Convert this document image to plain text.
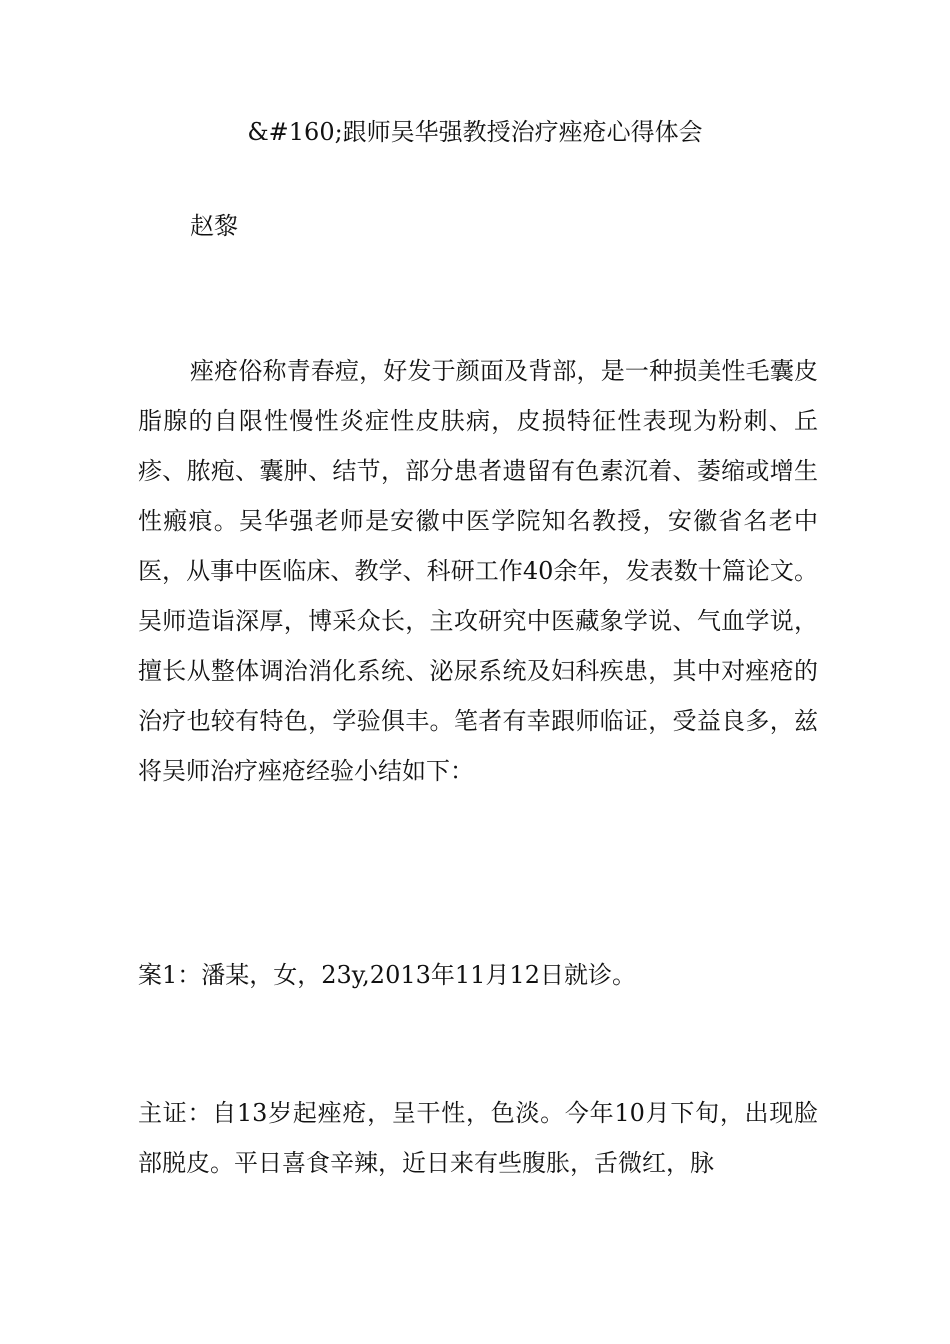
&#160;跟师吴华强教授治疗痤疮心得体会
赵黎

痤疮俗称青春痘，好发于颜面及背部，是一种损美性毛囊皮脂腺的自限性慢性炎症性皮肤病，皮损特征性表现为粉刺、丘疹、脓疱、囊肿、结节，部分患者遗留有色素沉着、萎缩或增生性瘢痕。吴华强老师是安徽中医学院知名教授，安徽省名老中医，从事中医临床、教学、科研工作40余年，发表数十篇论文。吴师造诣深厚，博采众长，主攻研究中医藏象学说、气血学说，擅长从整体调治消化系统、泌尿系统及妇科疾患，其中对痤疮的治疗也较有特色，学验俱丰。笔者有幸跟师临证，受益良多，兹将吴师治疗痤疮经验小结如下：

案1：潘某，女，23y,2013年11月12日就诊。

主证：自13岁起痤疮，呈干性，色淡。今年10月下旬，出现脸部脱皮。平日喜食辛辣，近日来有些腹胀，舌微红，脉
